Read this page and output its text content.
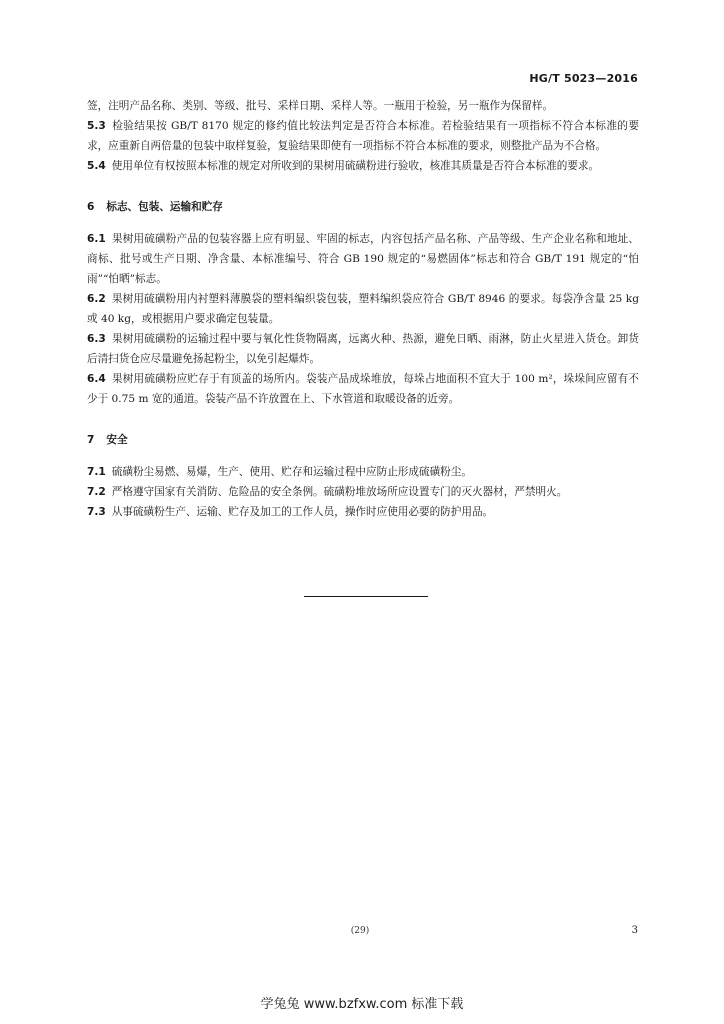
HG/T 5023—2016

签，注明产品名称、类别、等级、批号、采样日期、采样人等。一瓶用于检验，另一瓶作为保留样。

5.3 检验结果按 GB/T 8170 规定的修约值比较法判定是否符合本标准。若检验结果有一项指标不符合本标准的要求，应重新自两倍量的包装中取样复验，复验结果即使有一项指标不符合本标准的要求，则整批产品为不合格。

5.4 使用单位有权按照本标准的规定对所收到的果树用硫磺粉进行验收，核准其质量是否符合本标准的要求。

6 标志、包装、运输和贮存

6.1 果树用硫磺粉产品的包装容器上应有明显、牢固的标志，内容包括产品名称、产品等级、生产企业名称和地址、商标、批号或生产日期、净含量、本标准编号、符合 GB 190 规定的“易燃固体”标志和符合 GB/T 191 规定的“怕雨”“怕晒”标志。

6.2 果树用硫磺粉用内衬塑料薄膜袋的塑料编织袋包装，塑料编织袋应符合 GB/T 8946 的要求。每袋净含量 25 kg 或 40 kg，或根据用户要求确定包装量。

6.3 果树用硫磺粉的运输过程中要与氧化性货物隔离，远离火种、热源，避免日晒、雨淋，防止火星进入货仓。卸货后清扫货仓应尽量避免扬起粉尘，以免引起爆炸。

6.4 果树用硫磺粉应贮存于有顶盖的场所内。袋装产品成垛堆放，每垛占地面积不宜大于 100 m²，垛垛间应留有不少于 0.75 m 宽的通道。袋装产品不许放置在上、下水管道和取暖设备的近旁。

7 安全

7.1 硫磺粉尘易燃、易爆，生产、使用、贮存和运输过程中应防止形成硫磺粉尘。

7.2 严格遵守国家有关消防、危险品的安全条例。硫磺粉堆放场所应设置专门的灭火器材，严禁明火。

7.3 从事硫磺粉生产、运输、贮存及加工的工作人员，操作时应使用必要的防护用品。

(29)	3
学兔兔 www.bzfxw.com 标准下载
